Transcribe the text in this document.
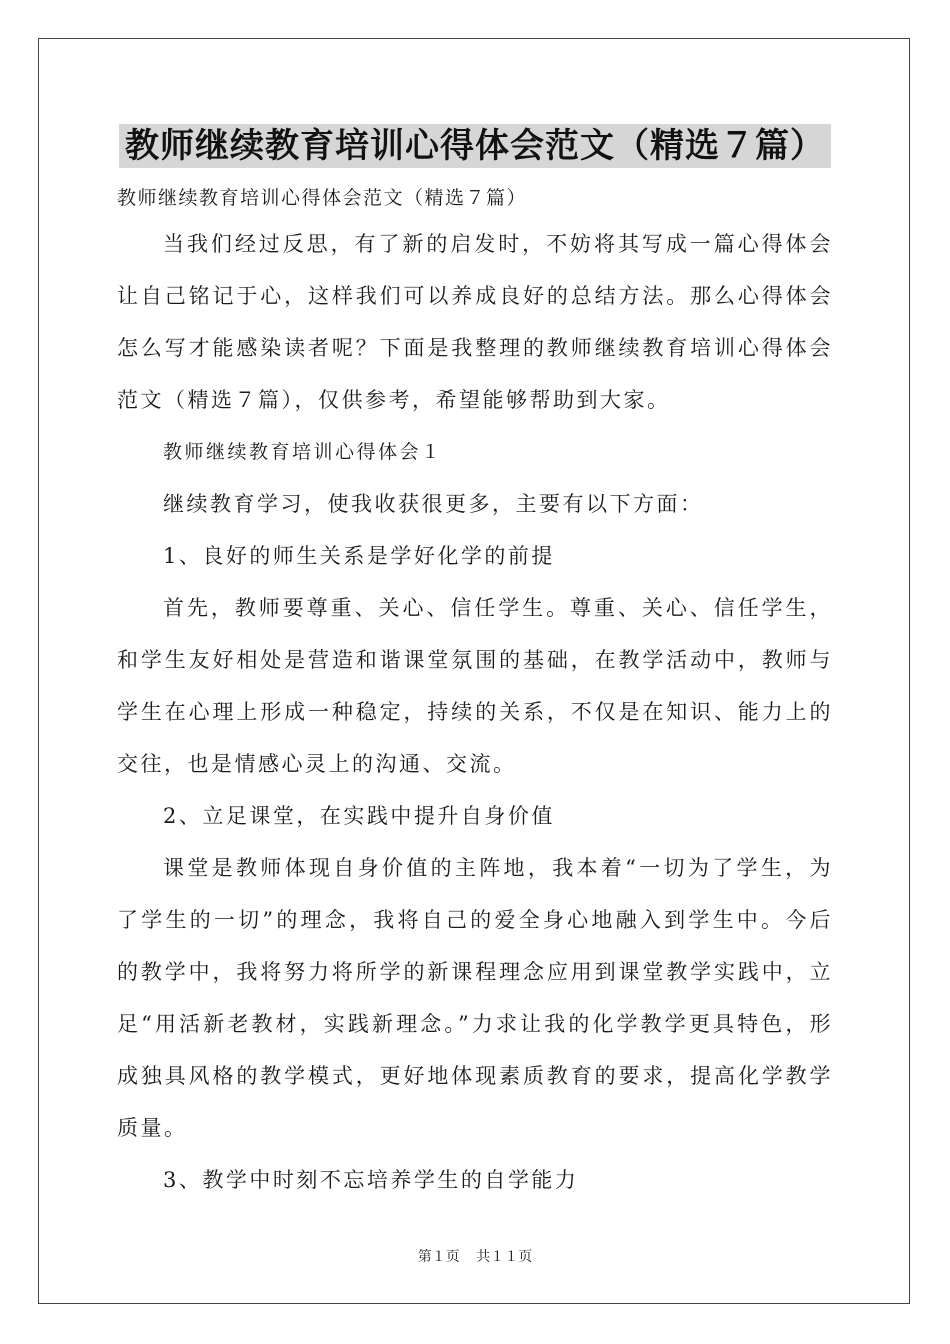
教师继续教育培训心得体会范文（精选７篇）

教师继续教育培训心得体会范文（精选７篇）

当我们经过反思，有了新的启发时，不妨将其写成一篇心得体会让自己铭记于心，这样我们可以养成良好的总结方法。那么心得体会怎么写才能感染读者呢？下面是我整理的教师继续教育培训心得体会范文（精选７篇），仅供参考，希望能够帮助到大家。

教师继续教育培训心得体会１

继续教育学习，使我收获很更多，主要有以下方面：

1、良好的师生关系是学好化学的前提

首先，教师要尊重、关心、信任学生。尊重、关心、信任学生，和学生友好相处是营造和谐课堂氛围的基础，在教学活动中，教师与学生在心理上形成一种稳定，持续的关系，不仅是在知识、能力上的交往，也是情感心灵上的沟通、交流。

2、立足课堂，在实践中提升自身价值

课堂是教师体现自身价值的主阵地，我本着“一切为了学生，为了学生的一切”的理念，我将自己的爱全身心地融入到学生中。今后的教学中，我将努力将所学的新课程理念应用到课堂教学实践中，立足“用活新老教材，实践新理念。”力求让我的化学教学更具特色，形成独具风格的教学模式，更好地体现素质教育的要求，提高化学教学质量。

3、教学中时刻不忘培养学生的自学能力

第１页 共１１页
